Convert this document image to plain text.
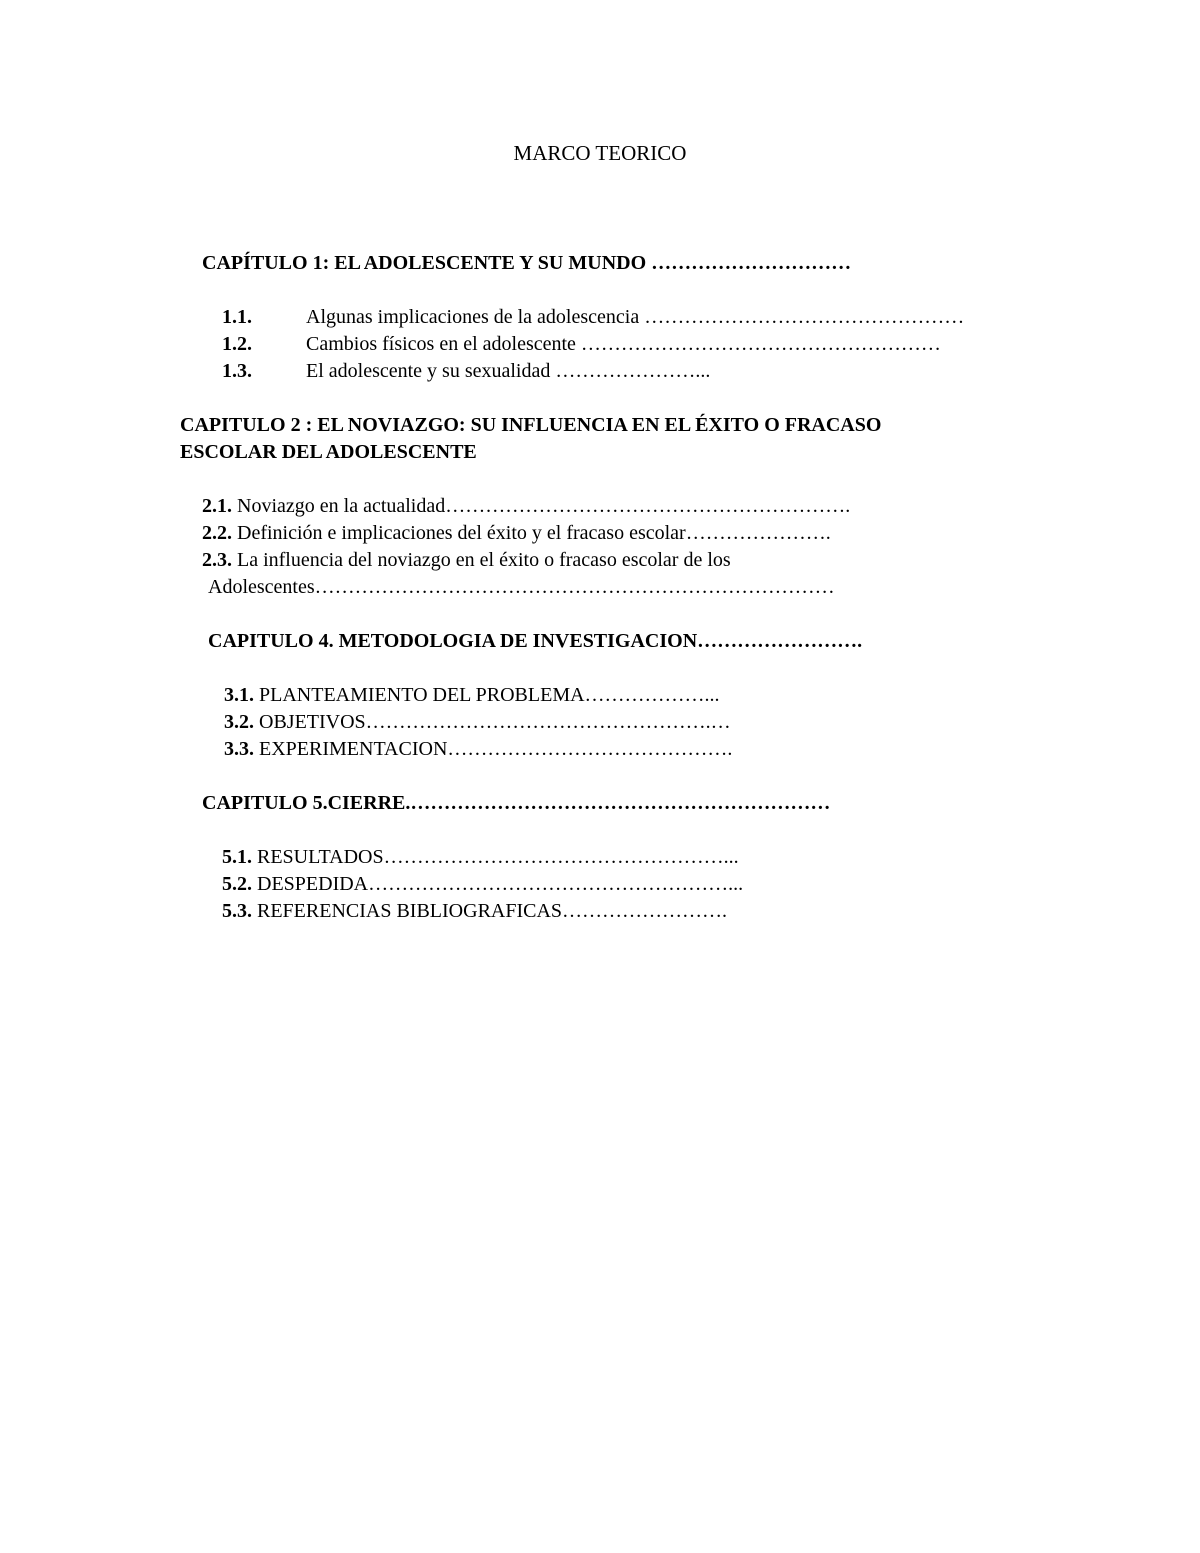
MARCO TEORICO
CAPÍTULO 1: EL ADOLESCENTE Y SU MUNDO …………………………
1.1.	Algunas implicaciones de la adolescencia …………………………………………
1.2.	Cambios físicos en el adolescente ………………………………………………
1.3.	El adolescente y su sexualidad …………………...
CAPITULO 2 : EL NOVIAZGO: SU INFLUENCIA EN EL ÉXITO O FRACASO
ESCOLAR DEL ADOLESCENTE
2.1. Noviazgo en la actualidad…………………………………………………….
2.2. Definición e implicaciones del éxito y el fracaso escolar………………….
2.3. La influencia del noviazgo en el éxito o fracaso escolar de los
Adolescentes……………………………………………………………………
CAPITULO 4. METODOLOGIA DE INVESTIGACION…………………….
3.1. PLANTEAMIENTO DEL PROBLEMA………………...
3.2. OBJETIVOS…………………………………………….…
3.3. EXPERIMENTACION…………………………………….
CAPITULO 5.CIERRE.………………………………………………………
5.1. RESULTADOS……………………………………………...
5.2. DESPEDIDA………………………………………………...
5.3. REFERENCIAS BIBLIOGRAFICAS…………………….
